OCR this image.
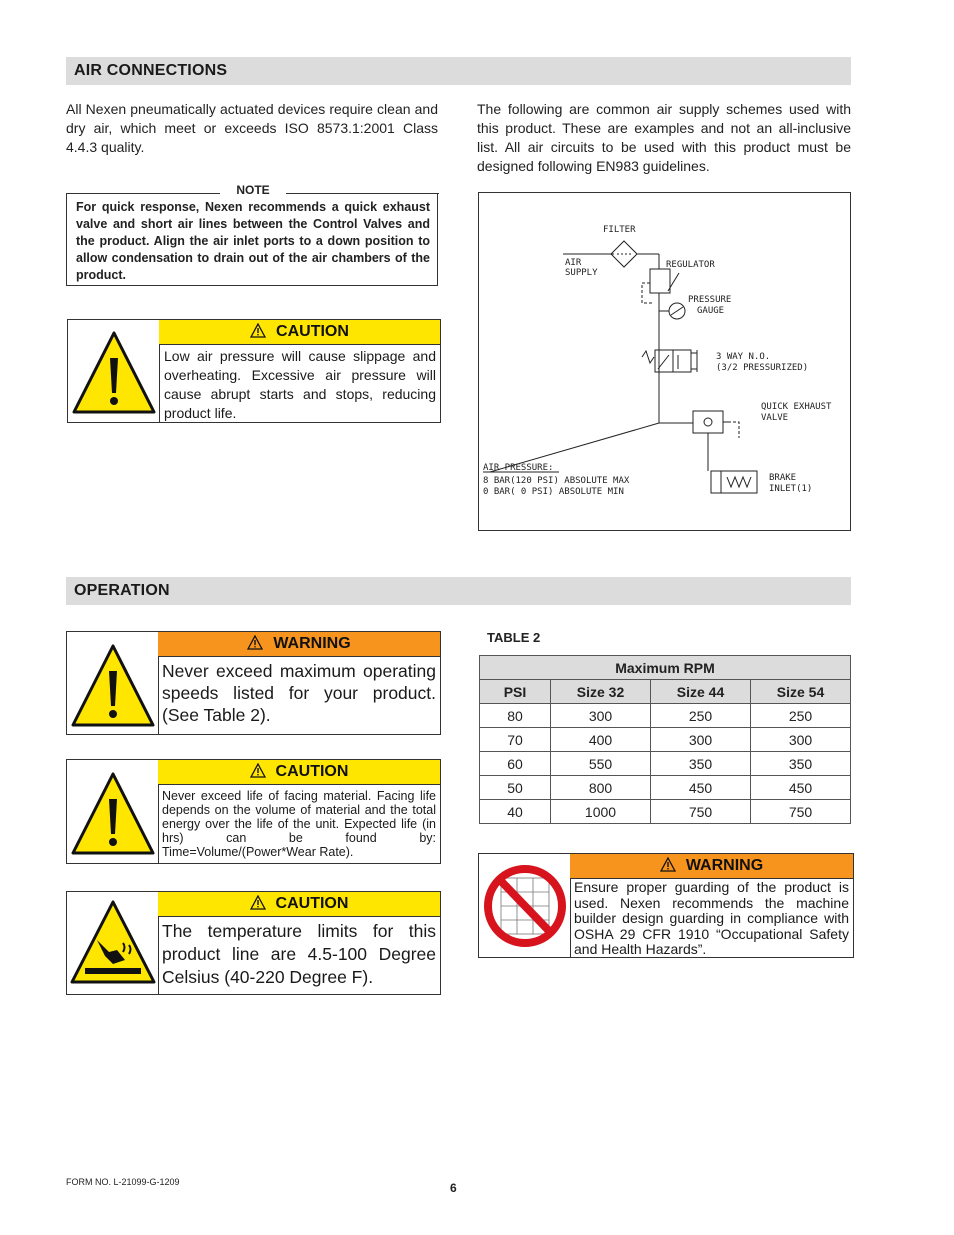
AIR CONNECTIONS
All Nexen pneumatically actuated devices require clean and dry air, which meet or exceeds ISO 8573.1:2001 Class 4.4.3 quality.
The following are common air supply schemes used with this product. These are examples and not an all-inclusive list. All air circuits to be used with this product must be designed following EN983 guidelines.
NOTE
For quick response, Nexen recommends a quick exhaust valve and short air lines between the Control Valves and the product. Align the air inlet ports to a down position to allow condensation to drain out of the air chambers of the product.
CAUTION
Low air pressure will cause slippage and overheating. Excessive air pressure will cause abrupt starts and stops, reducing product life.
FILTER
AIR
SUPPLY
REGULATOR
PRESSURE
GAUGE
3 WAY N.O.
(3/2 PRESSURIZED)
QUICK EXHAUST
VALVE
BRAKE
INLET(1)
AIR PRESSURE:
8 BAR(120 PSI) ABSOLUTE MAX
0 BAR( 0 PSI) ABSOLUTE MIN
OPERATION
WARNING
Never exceed maximum operating speeds listed for your product. (See Table 2).
CAUTION
Never exceed life of facing material. Facing life depends on the volume of material and the total energy over the life of the unit. Expected life (in hrs) can be found by: Time=Volume/(Power*Wear Rate).
CAUTION
The temperature limits for this product line are 4.5-100 Degree Celsius (40-220 Degree F).
TABLE 2
Maximum RPM			
PSI	Size 32	Size 44	Size 54
80	300	250	250
70	400	300	300
60	550	350	350
50	800	450	450
40	1000	750	750
WARNING
Ensure proper guarding of the product is used. Nexen recommends the machine builder design guarding in compliance with OSHA 29 CFR 1910 “Occupational Safety and Health Hazards”.
FORM NO. L-21099-G-1209	6
